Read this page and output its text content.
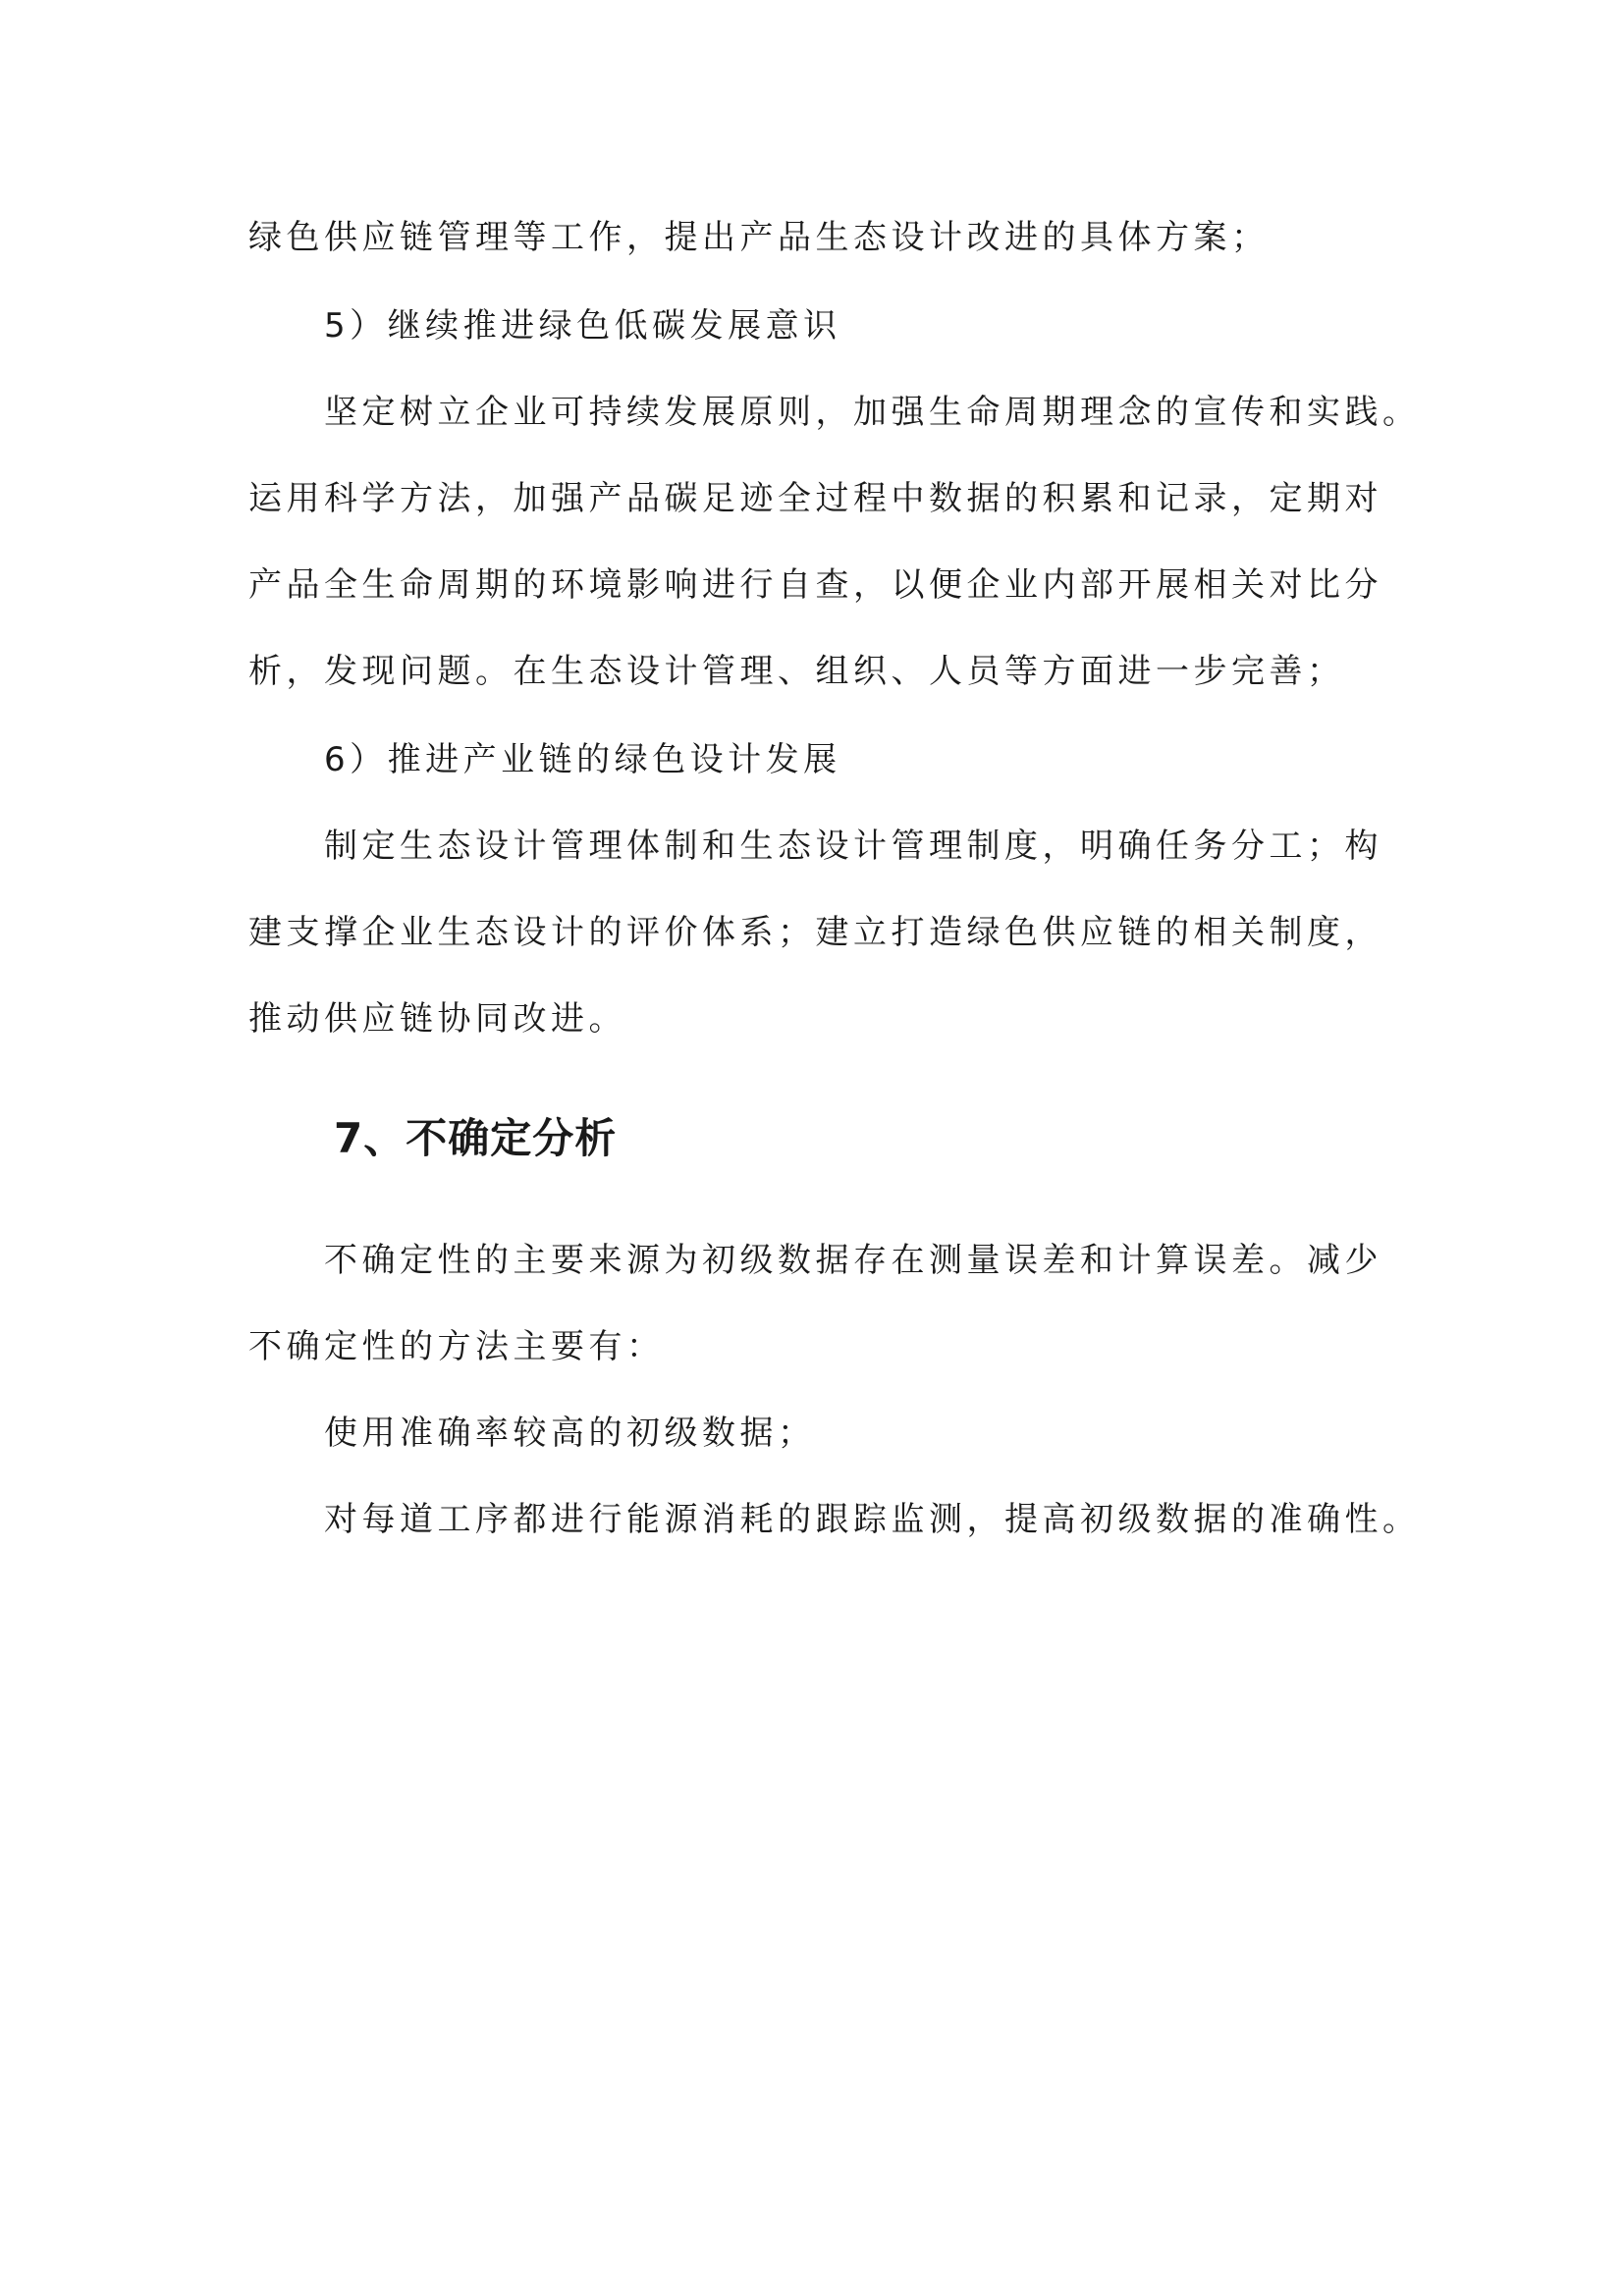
绿色供应链管理等工作，提出产品生态设计改进的具体方案；
5）继续推进绿色低碳发展意识
坚定树立企业可持续发展原则，加强生命周期理念的宣传和实践。
运用科学方法，加强产品碳足迹全过程中数据的积累和记录，定期对
产品全生命周期的环境影响进行自查，以便企业内部开展相关对比分
析，发现问题。在生态设计管理、组织、人员等方面进一步完善；
6）推进产业链的绿色设计发展
制定生态设计管理体制和生态设计管理制度，明确任务分工；构
建支撑企业生态设计的评价体系；建立打造绿色供应链的相关制度，
推动供应链协同改进。
7、不确定分析
不确定性的主要来源为初级数据存在测量误差和计算误差。减少
不确定性的方法主要有：
使用准确率较高的初级数据；
对每道工序都进行能源消耗的跟踪监测，提高初级数据的准确性。
